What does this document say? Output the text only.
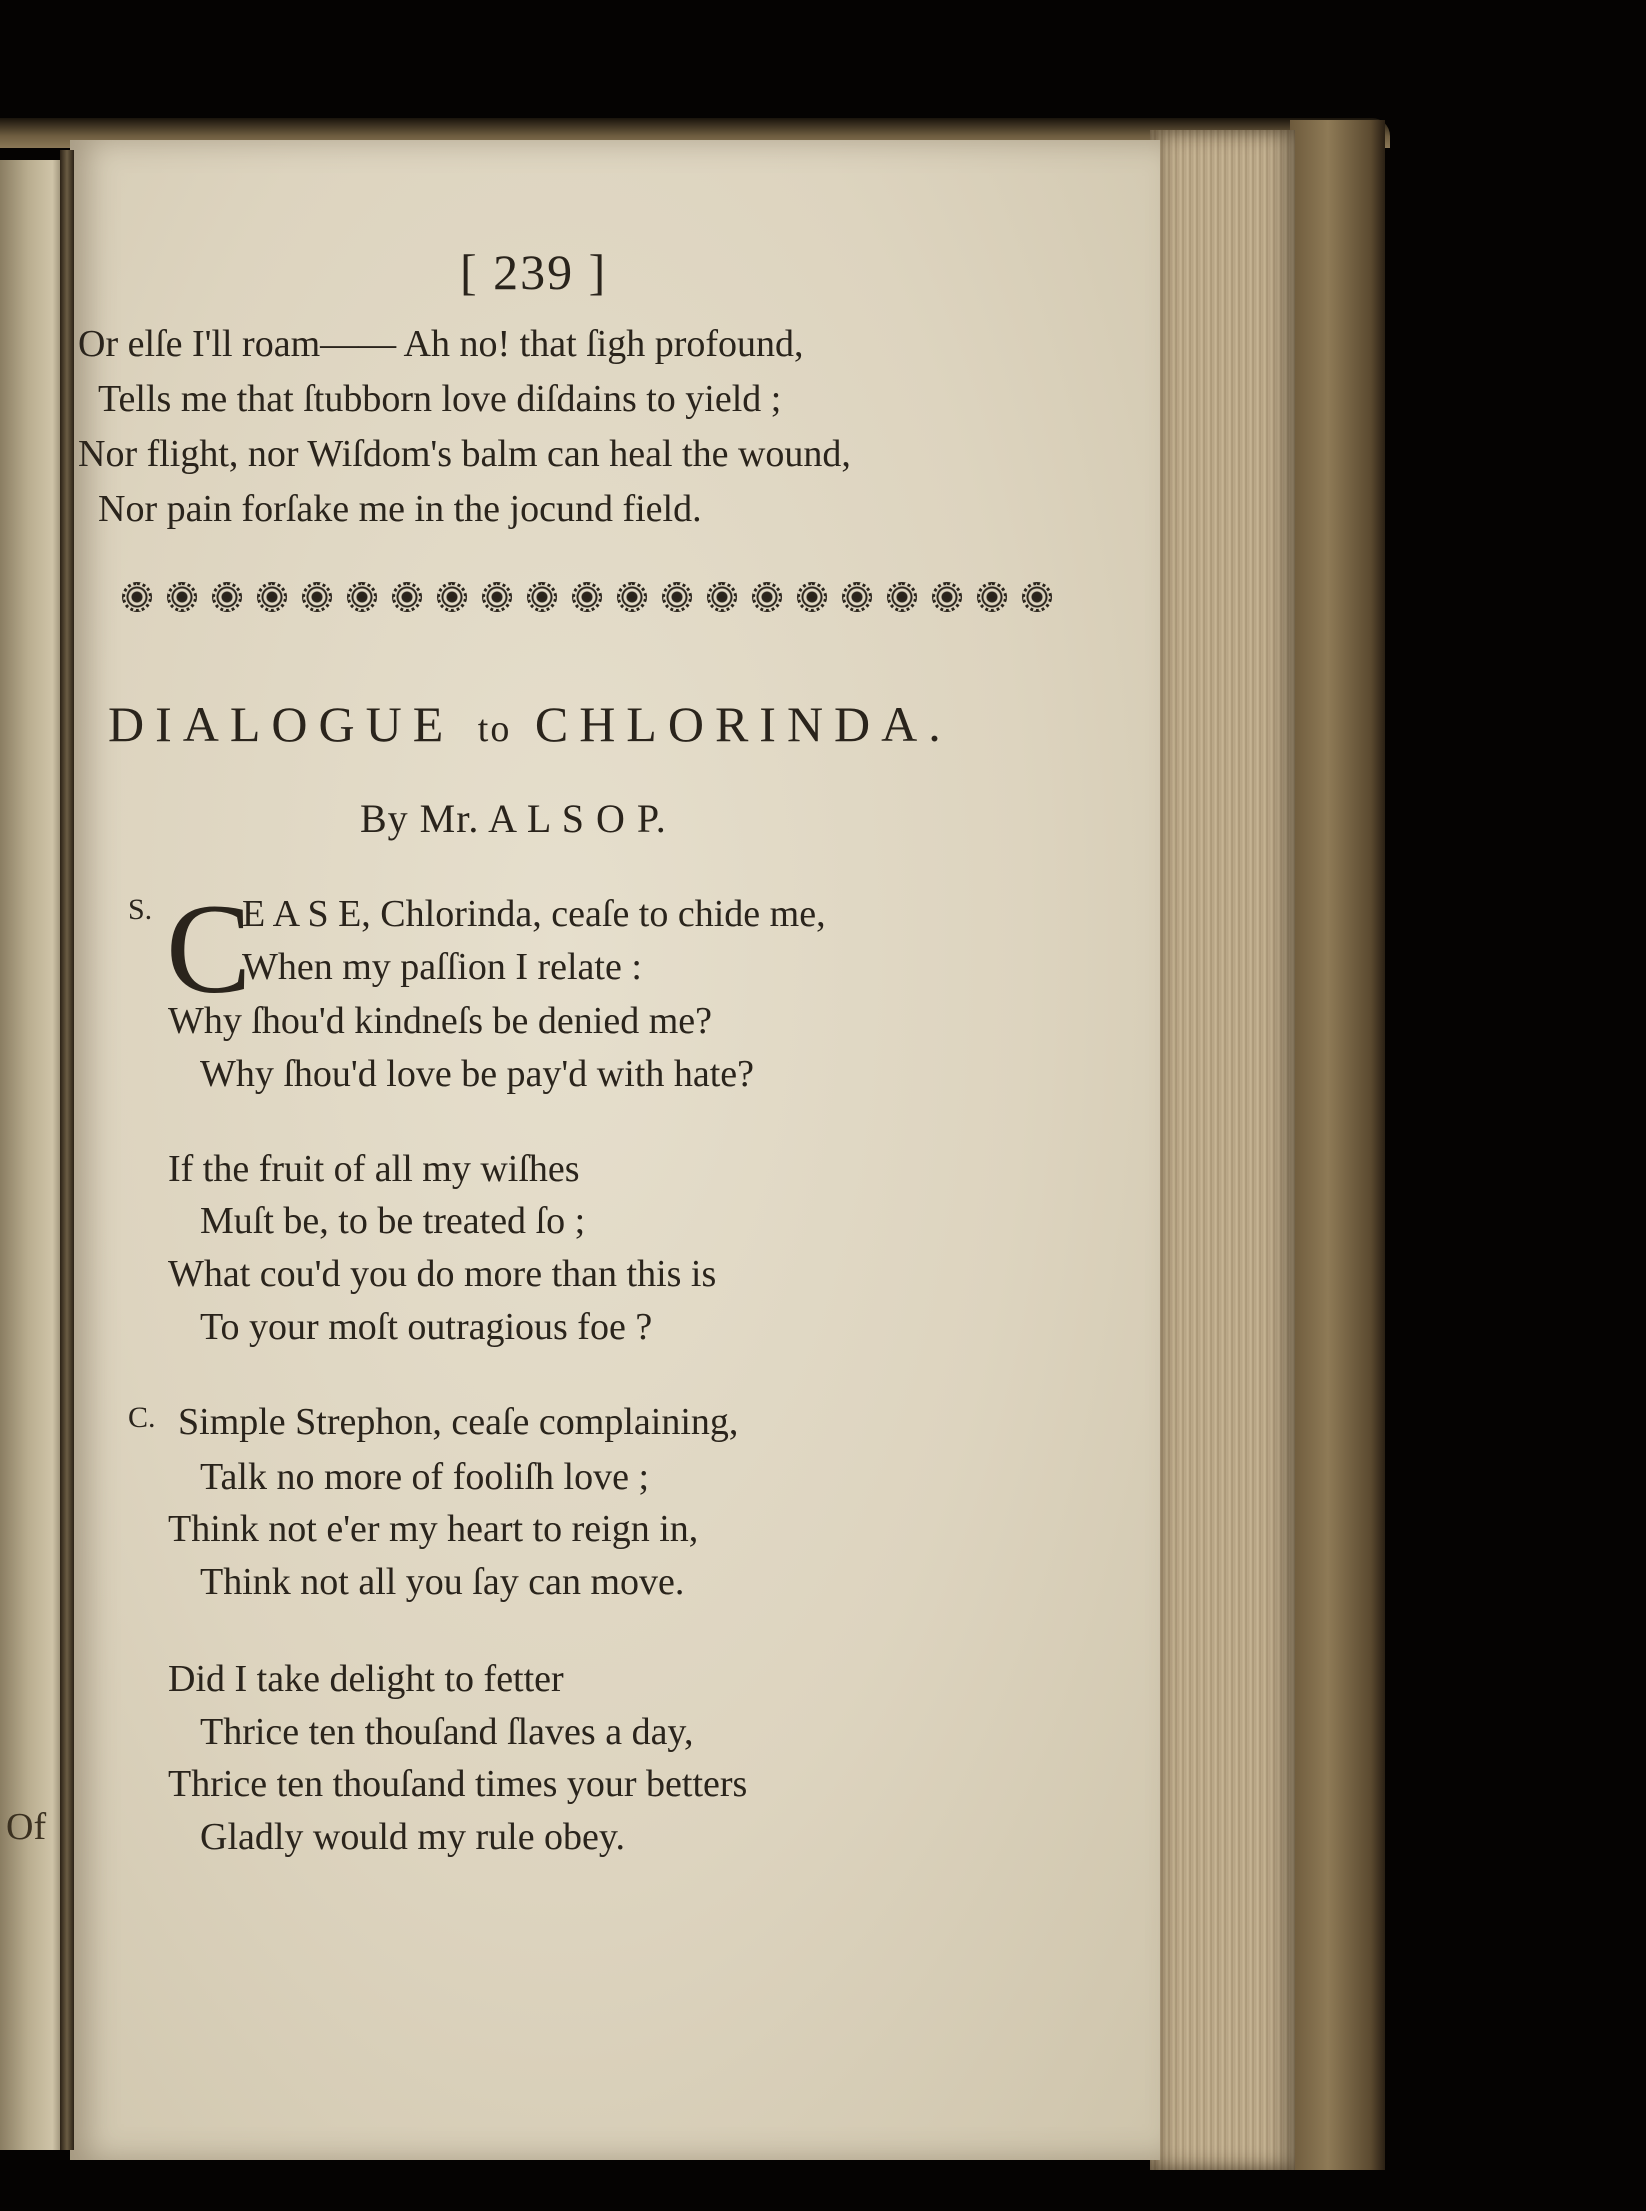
Of
[ 239 ]
Or elſe I'll roam—— Ah no! that ſigh profound,
Tells me that ſtubborn love diſdains to yield ;
Nor flight, nor Wiſdom's balm can heal the wound,
Nor pain forſake me in the jocund field.
DIALOGUE to CHLORINDA.
By Mr. A L S O P.
S. C
E A S E, Chlorinda, ceaſe to chide me,
When my paſſion I relate :
Why ſhou'd kindneſs be denied me?
Why ſhou'd love be pay'd with hate?
If the fruit of all my wiſhes
Muſt be, to be treated ſo ;
What cou'd you do more than this is
To your moſt outragious foe ?
C. Simple Strephon, ceaſe complaining,
Talk no more of fooliſh love ;
Think not e'er my heart to reign in,
Think not all you ſay can move.
Did I take delight to fetter
Thrice ten thouſand ſlaves a day,
Thrice ten thouſand times your betters
Gladly would my rule obey.
